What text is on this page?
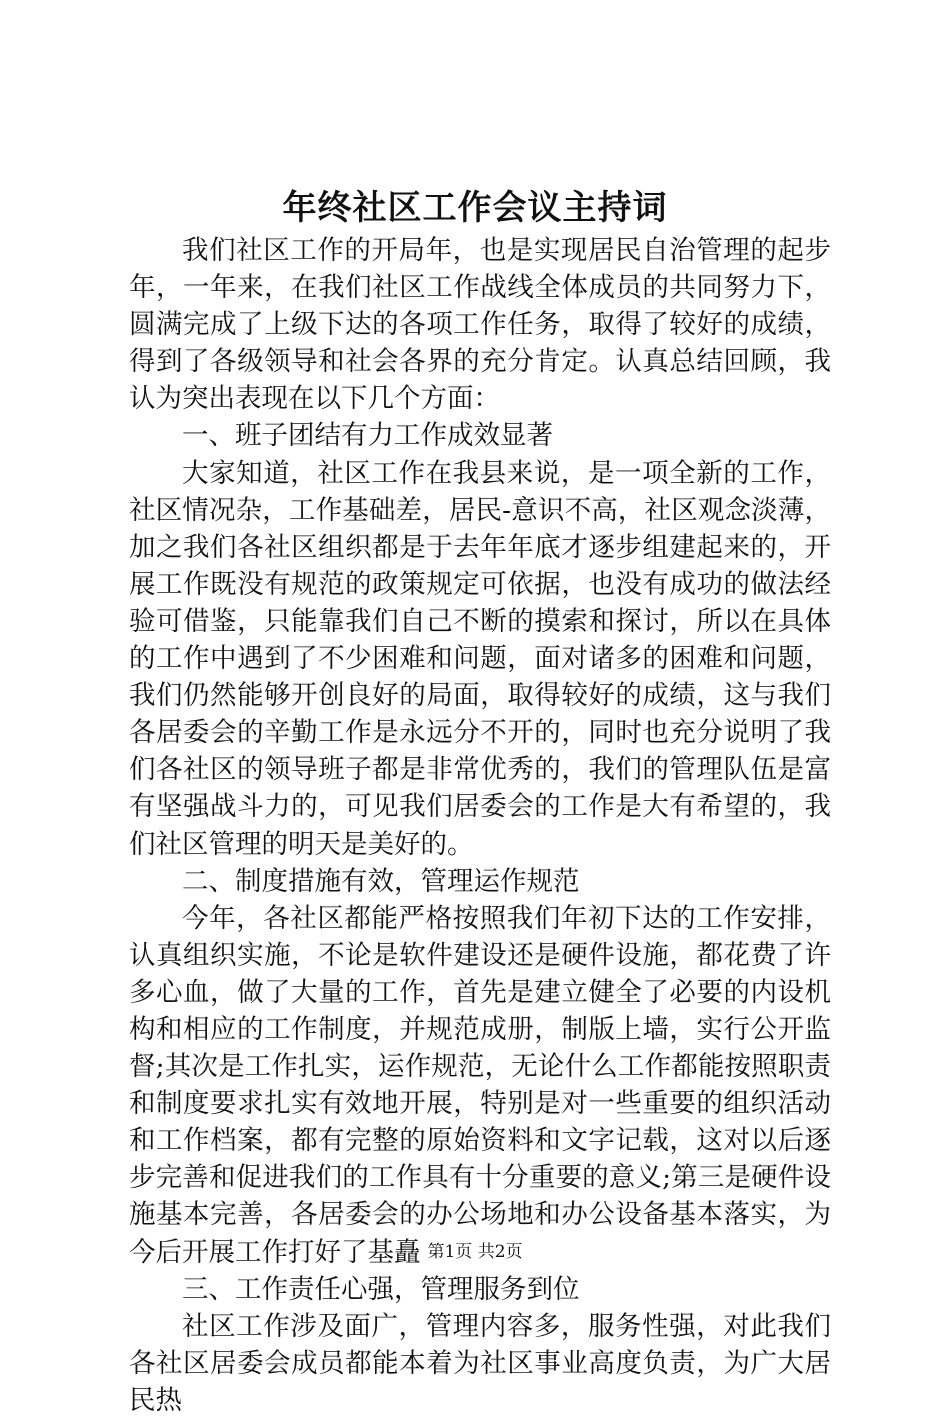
年终社区工作会议主持词

我们社区工作的开局年，也是实现居民自治管理的起步年，一年来，在我们社区工作战线全体成员的共同努力下，圆满完成了上级下达的各项工作任务，取得了较好的成绩，得到了各级领导和社会各界的充分肯定。认真总结回顾，我认为突出表现在以下几个方面：

一、班子团结有力工作成效显著

大家知道，社区工作在我县来说，是一项全新的工作，社区情况杂，工作基础差，居民-意识不高，社区观念淡薄，加之我们各社区组织都是于去年年底才逐步组建起来的，开展工作既没有规范的政策规定可依据，也没有成功的做法经验可借鉴，只能靠我们自己不断的摸索和探讨，所以在具体的工作中遇到了不少困难和问题，面对诸多的困难和问题，我们仍然能够开创良好的局面，取得较好的成绩，这与我们各居委会的辛勤工作是永远分不开的，同时也充分说明了我们各社区的领导班子都是非常优秀的，我们的管理队伍是富有坚强战斗力的，可见我们居委会的工作是大有希望的，我们社区管理的明天是美好的。

二、制度措施有效，管理运作规范

今年，各社区都能严格按照我们年初下达的工作安排，认真组织实施，不论是软件建设还是硬件设施，都花费了许多心血，做了大量的工作，首先是建立健全了必要的内设机构和相应的工作制度，并规范成册，制版上墙，实行公开监督;其次是工作扎实，运作规范，无论什么工作都能按照职责和制度要求扎实有效地开展，特别是对一些重要的组织活动和工作档案，都有完整的原始资料和文字记载，这对以后逐步完善和促进我们的工作具有十分重要的意义;第三是硬件设施基本完善，各居委会的办公场地和办公设备基本落实，为今后开展工作打好了基矗

三、工作责任心强，管理服务到位

社区工作涉及面广，管理内容多，服务性强，对此我们各社区居委会成员都能本着为社区事业高度负责，为广大居民热

第1页 共2页
